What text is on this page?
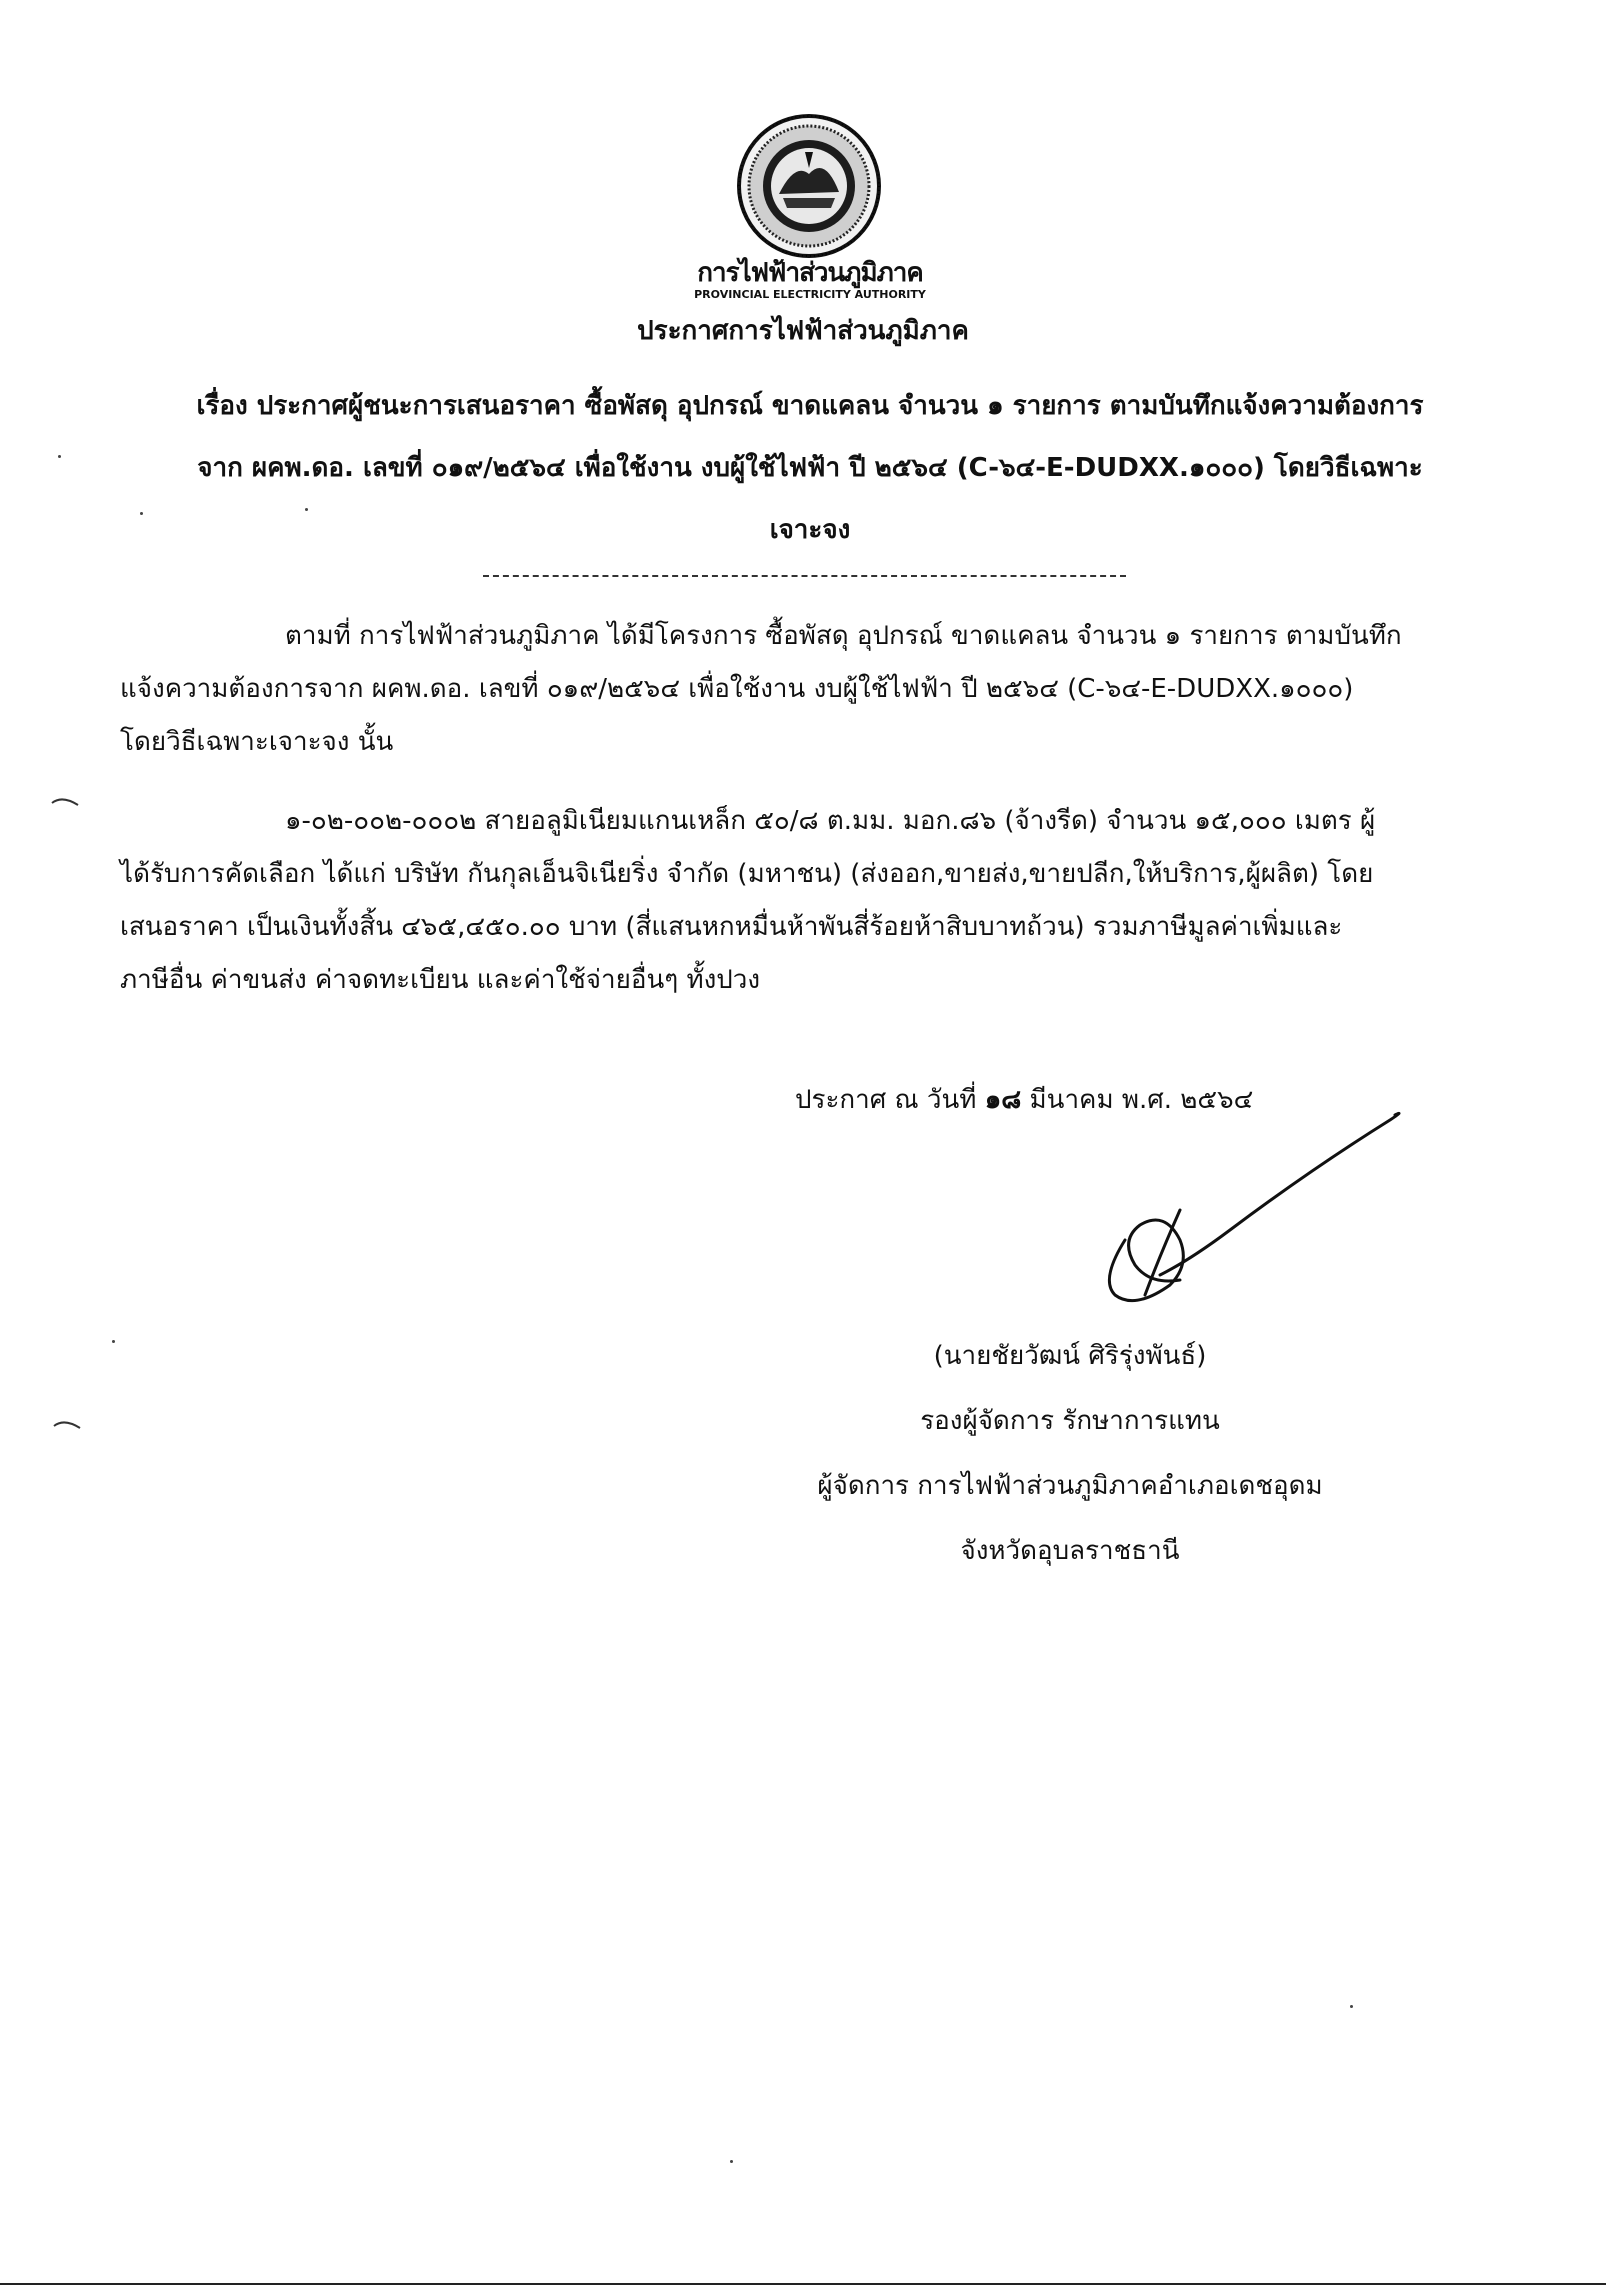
การไฟฟ้าส่วนภูมิภาค
PROVINCIAL ELECTRICITY AUTHORITY
ประกาศการไฟฟ้าส่วนภูมิภาค
เรื่อง ประกาศผู้ชนะการเสนอราคา ซื้อพัสดุ อุปกรณ์ ขาดแคลน จำนวน ๑ รายการ ตามบันทึกแจ้งความต้องการ
จาก ผคพ.ดอ. เลขที่ ๐๑๙/๒๕๖๔ เพื่อใช้งาน งบผู้ใช้ไฟฟ้า ปี ๒๕๖๔ (C-๖๔-E-DUDXX.๑๐๐๐) โดยวิธีเฉพาะ
เจาะจง
ตามที่ การไฟฟ้าส่วนภูมิภาค ได้มีโครงการ ซื้อพัสดุ อุปกรณ์ ขาดแคลน จำนวน ๑ รายการ ตามบันทึก
แจ้งความต้องการจาก ผคพ.ดอ. เลขที่ ๐๑๙/๒๕๖๔ เพื่อใช้งาน งบผู้ใช้ไฟฟ้า ปี ๒๕๖๔ (C-๖๔-E-DUDXX.๑๐๐๐)
โดยวิธีเฉพาะเจาะจง นั้น
๑-๐๒-๐๐๒-๐๐๐๒ สายอลูมิเนียมแกนเหล็ก ๕๐/๘ ต.มม. มอก.๘๖ (จ้างรีด) จำนวน ๑๕,๐๐๐ เมตร ผู้
ได้รับการคัดเลือก ได้แก่ บริษัท กันกุลเอ็นจิเนียริ่ง จำกัด (มหาชน) (ส่งออก,ขายส่ง,ขายปลีก,ให้บริการ,ผู้ผลิต) โดย
เสนอราคา เป็นเงินทั้งสิ้น ๔๖๕,๔๕๐.๐๐ บาท (สี่แสนหกหมื่นห้าพันสี่ร้อยห้าสิบบาทถ้วน) รวมภาษีมูลค่าเพิ่มและ
ภาษีอื่น ค่าขนส่ง ค่าจดทะเบียน และค่าใช้จ่ายอื่นๆ ทั้งปวง
ประกาศ ณ วันที่ ๑๘ มีนาคม พ.ศ. ๒๕๖๔
(นายชัยวัฒน์ ศิริรุ่งพันธ์)
รองผู้จัดการ รักษาการแทน
ผู้จัดการ การไฟฟ้าส่วนภูมิภาคอำเภอเดชอุดม
จังหวัดอุบลราชธานี
